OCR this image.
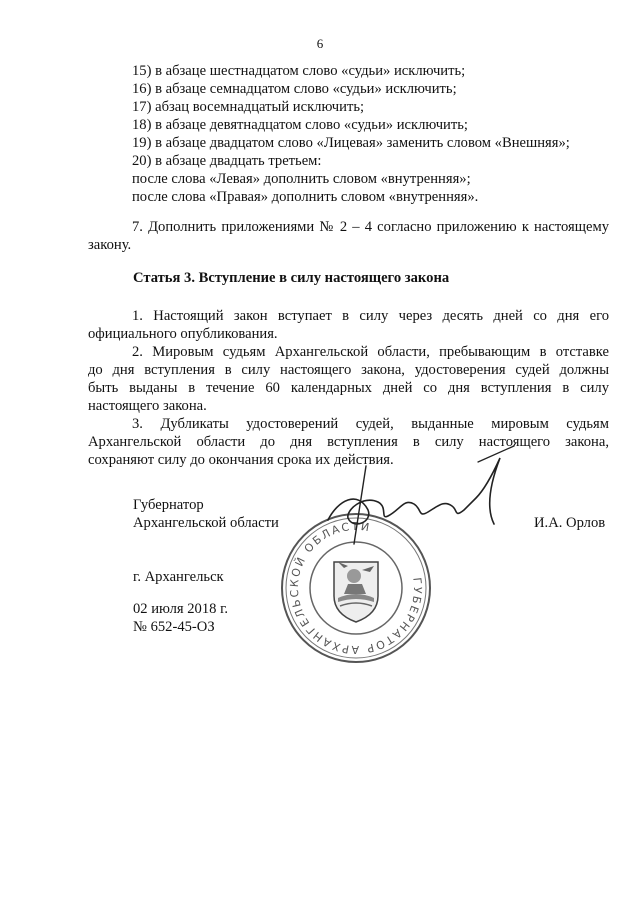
6
15) в абзаце шестнадцатом слово «судьи» исключить;
16) в абзаце семнадцатом слово «судьи» исключить;
17) абзац восемнадцатый исключить;
18) в абзаце девятнадцатом слово «судьи» исключить;
19) в абзаце двадцатом слово «Лицевая» заменить словом «Внешняя»;
20) в абзаце двадцать третьем:
после слова «Левая» дополнить словом «внутренняя»;
после слова «Правая» дополнить словом «внутренняя».
7. Дополнить приложениями № 2 – 4 согласно приложению к настоящему
закону.
Статья 3. Вступление в силу настоящего закона
1. Настоящий закон вступает в силу через десять дней со дня его
официального опубликования.
2. Мировым судьям Архангельской области, пребывающим в отставке
до дня вступления в силу настоящего закона, удостоверения судей должны
быть выданы в течение 60 календарных дней со дня вступления в силу
настоящего закона.
3. Дубликаты удостоверений судей, выданные мировым судьям
Архангельской области до дня вступления в силу настоящего закона,
сохраняют силу до окончания срока их действия.
ГУБЕРНАТОР АРХАНГЕЛЬСКОЙ ОБЛАСТИ
Губернатор
Архангельской области	И.А. Орлов
г. Архангельск
02 июля 2018 г.
№ 652-45-ОЗ
